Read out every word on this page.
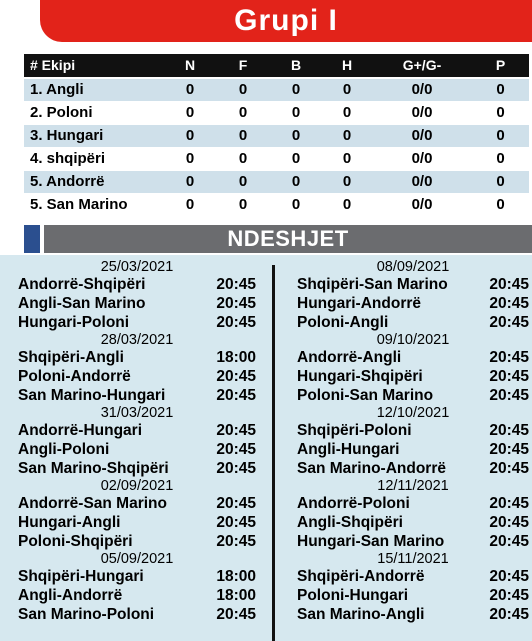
Grupi I
# Ekipi	N	F	B	H	G+/G-	P
1. Angli	0	0	0	0	0/0	0
2. Poloni	0	0	0	0	0/0	0
3. Hungari	0	0	0	0	0/0	0
4. shqipëri	0	0	0	0	0/0	0
5. Andorrë	0	0	0	0	0/0	0
5. San Marino	0	0	0	0	0/0	0
NDESHJET
25/03/2021
Andorrë-Shqipëri	20:45
Angli-San Marino	20:45
Hungari-Poloni	20:45
28/03/2021
Shqipëri-Angli	18:00
Poloni-Andorrë	20:45
San Marino-Hungari	20:45
31/03/2021
Andorrë-Hungari	20:45
Angli-Poloni	20:45
San Marino-Shqipëri	20:45
02/09/2021
Andorrë-San Marino	20:45
Hungari-Angli	20:45
Poloni-Shqipëri	20:45
05/09/2021
Shqipëri-Hungari	18:00
Angli-Andorrë	18:00
San Marino-Poloni	20:45
08/09/2021
Shqipëri-San Marino	20:45
Hungari-Andorrë	20:45
Poloni-Angli	20:45
09/10/2021
Andorrë-Angli	20:45
Hungari-Shqipëri	20:45
Poloni-San Marino	20:45
12/10/2021
Shqipëri-Poloni	20:45
Angli-Hungari	20:45
San Marino-Andorrë	20:45
12/11/2021
Andorrë-Poloni	20:45
Angli-Shqipëri	20:45
Hungari-San Marino	20:45
15/11/2021
Shqipëri-Andorrë	20:45
Poloni-Hungari	20:45
San Marino-Angli	20:45
